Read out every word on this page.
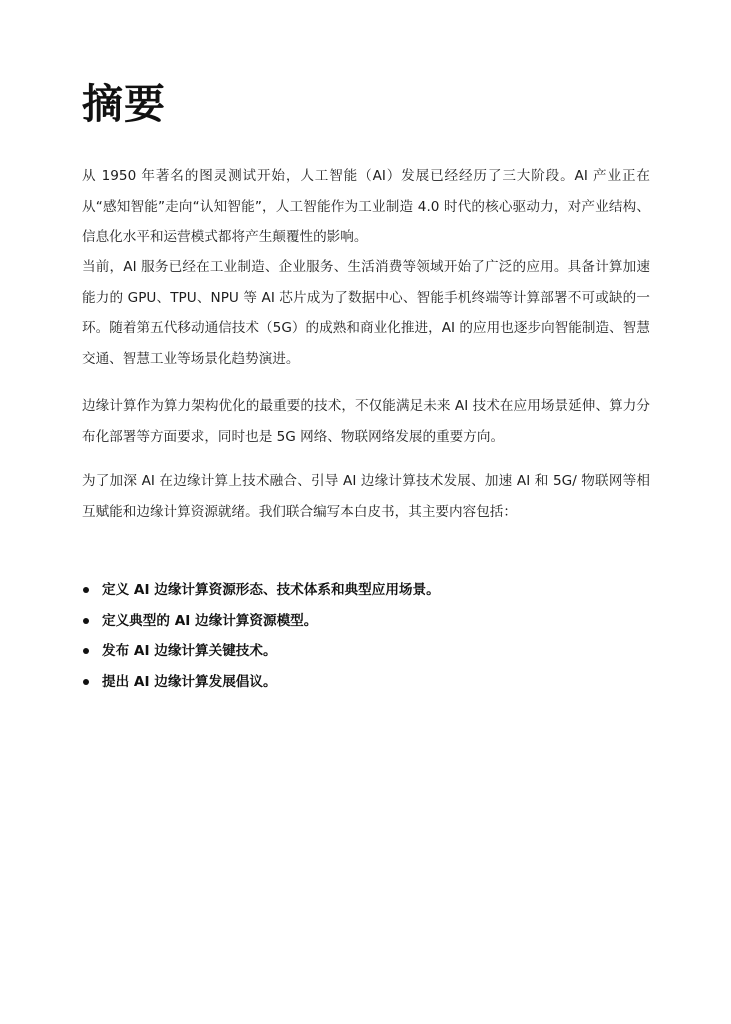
摘要

从 1950 年著名的图灵测试开始，人工智能（AI）发展已经经历了三大阶段。AI 产业正在从“感知智能”走向“认知智能”，人工智能作为工业制造 4.0 时代的核心驱动力，对产业结构、信息化水平和运营模式都将产生颠覆性的影响。

当前，AI 服务已经在工业制造、企业服务、生活消费等领域开始了广泛的应用。具备计算加速能力的 GPU、TPU、NPU 等 AI 芯片成为了数据中心、智能手机终端等计算部署不可或缺的一环。随着第五代移动通信技术（5G）的成熟和商业化推进，AI 的应用也逐步向智能制造、智慧交通、智慧工业等场景化趋势演进。

边缘计算作为算力架构优化的最重要的技术，不仅能满足未来 AI 技术在应用场景延伸、算力分布化部署等方面要求，同时也是 5G 网络、物联网络发展的重要方向。

为了加深 AI 在边缘计算上技术融合、引导 AI 边缘计算技术发展、加速 AI 和 5G/ 物联网等相互赋能和边缘计算资源就绪。我们联合编写本白皮书，其主要内容包括：

定义 AI 边缘计算资源形态、技术体系和典型应用场景。
定义典型的 AI 边缘计算资源模型。
发布 AI 边缘计算关键技术。
提出 AI 边缘计算发展倡议。
